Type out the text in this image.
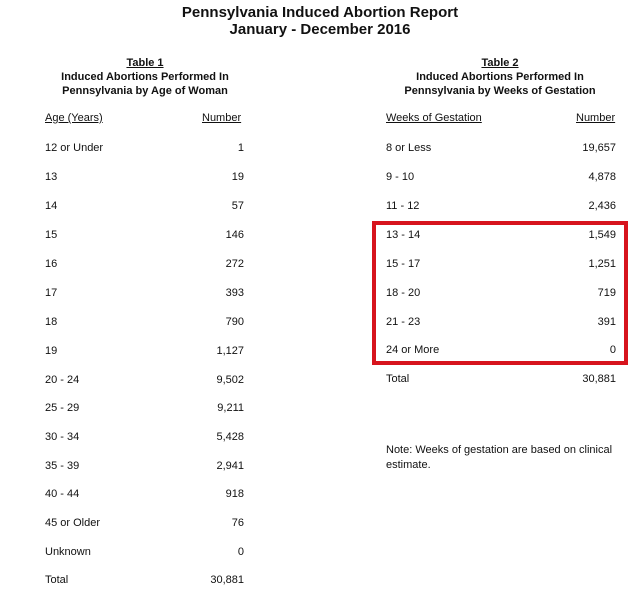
Pennsylvania Induced Abortion Report
January - December 2016
Table 1
Induced Abortions Performed In
Pennsylvania by Age of Woman
Age (Years)	Number
12 or Under	1
13	19
14	57
15	146
16	272
17	393
18	790
19	1,127
20 - 24	9,502
25 - 29	9,211
30 - 34	5,428
35 - 39	2,941
40 - 44	918
45 or Older	76
Unknown	0
Total	30,881
Table 2
Induced Abortions Performed In
Pennsylvania by Weeks of Gestation
Weeks of Gestation	Number
8 or Less	19,657
9 - 10	4,878
11 - 12	2,436
13 - 14	1,549
15 - 17	1,251
18 - 20	719
21 - 23	391
24 or More	0
Total	30,881
Note: Weeks of gestation are based on clinical estimate.
